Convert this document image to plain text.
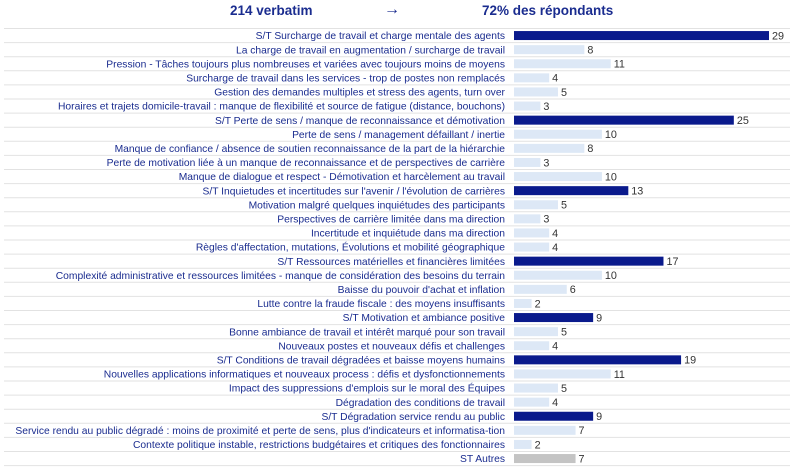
214 verbatim	→	72% des répondants
S/T Surcharge de travail et charge mentale des agents	29
La charge de travail en augmentation / surcharge de travail	8
Pression - Tâches toujours plus nombreuses et variées avec toujours moins de moyens	11
Surcharge de travail dans les services - trop de postes non remplacés	4
Gestion des demandes multiples et stress des agents, turn over	5
Horaires et trajets domicile-travail : manque de flexibilité et source de fatigue (distance, bouchons)	3
S/T Perte de sens / manque de reconnaissance et démotivation	25
Perte de sens / management défaillant / inertie	10
Manque de confiance / absence de soutien reconnaissance de la part de la hiérarchie	8
Perte de motivation liée à un manque de reconnaissance et de perspectives de carrière	3
Manque de dialogue et respect - Démotivation et harcèlement au travail	10
S/T Inquietudes et incertitudes sur l'avenir / l'évolution de carrières	13
Motivation malgré quelques inquiétudes des participants	5
Perspectives de carrière limitée dans ma direction	3
Incertitude et inquiétude dans ma direction	4
Règles d'affectation, mutations, Évolutions et mobilité géographique	4
S/T Ressources matérielles et financières limitées	17
Complexité administrative et ressources limitées - manque de considération des besoins du terrain	10
Baisse du pouvoir d'achat et inflation	6
Lutte contre la fraude fiscale : des moyens insuffisants	2
S/T Motivation et ambiance positive	9
Bonne ambiance de travail et intérêt marqué pour son travail	5
Nouveaux postes et nouveaux défis et challenges	4
S/T Conditions de travail dégradées et baisse moyens humains	19
Nouvelles applications informatiques et nouveaux process : défis et dysfonctionnements	11
Impact des suppressions d'emplois sur le moral des Équipes	5
Dégradation des conditions de travail	4
S/T Dégradation service rendu au public	9
Service rendu au public dégradé : moins de proximité et perte de sens, plus d'indicateurs et informatisa-tion	7
Contexte politique instable, restrictions budgétaires et critiques des fonctionnaires	2
ST Autres	7
